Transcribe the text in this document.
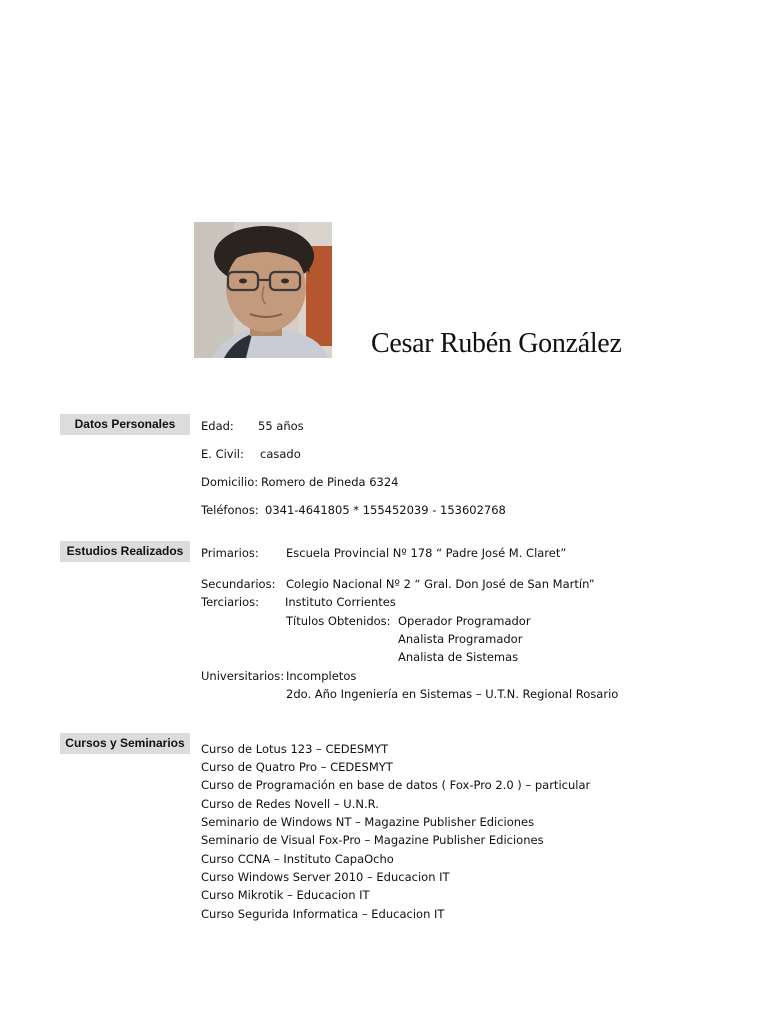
Cesar Rubén González
Datos Personales	Edad: 55 años
E. Civil: casado
Domicilio: Romero de Pineda 6324
Teléfonos: 0341-4641805 * 155452039 - 153602768
Estudios Realizados	Primarios: Escuela Provincial Nº 178 “ Padre José M. Claret”
Secundarios: Colegio Nacional Nº 2 “ Gral. Don José de San Martín”
Terciarios: Instituto Corrientes
Títulos Obtenidos: Operador Programador
Analista Programador
Analista de Sistemas
Universitarios: Incompletos
2do. Año Ingeniería en Sistemas – U.T.N. Regional Rosario
Cursos y Seminarios	Curso de Lotus 123 – CEDESMYT
Curso de Quatro Pro – CEDESMYT
Curso de Programación en base de datos ( Fox-Pro 2.0 ) – particular
Curso de Redes Novell – U.N.R.
Seminario de Windows NT – Magazine Publisher Ediciones
Seminario de Visual Fox-Pro – Magazine Publisher Ediciones
Curso CCNA – Instituto CapaOcho
Curso Windows Server 2010 – Educacion IT
Curso Mikrotik – Educacion IT
Curso Segurida Informatica – Educacion IT
